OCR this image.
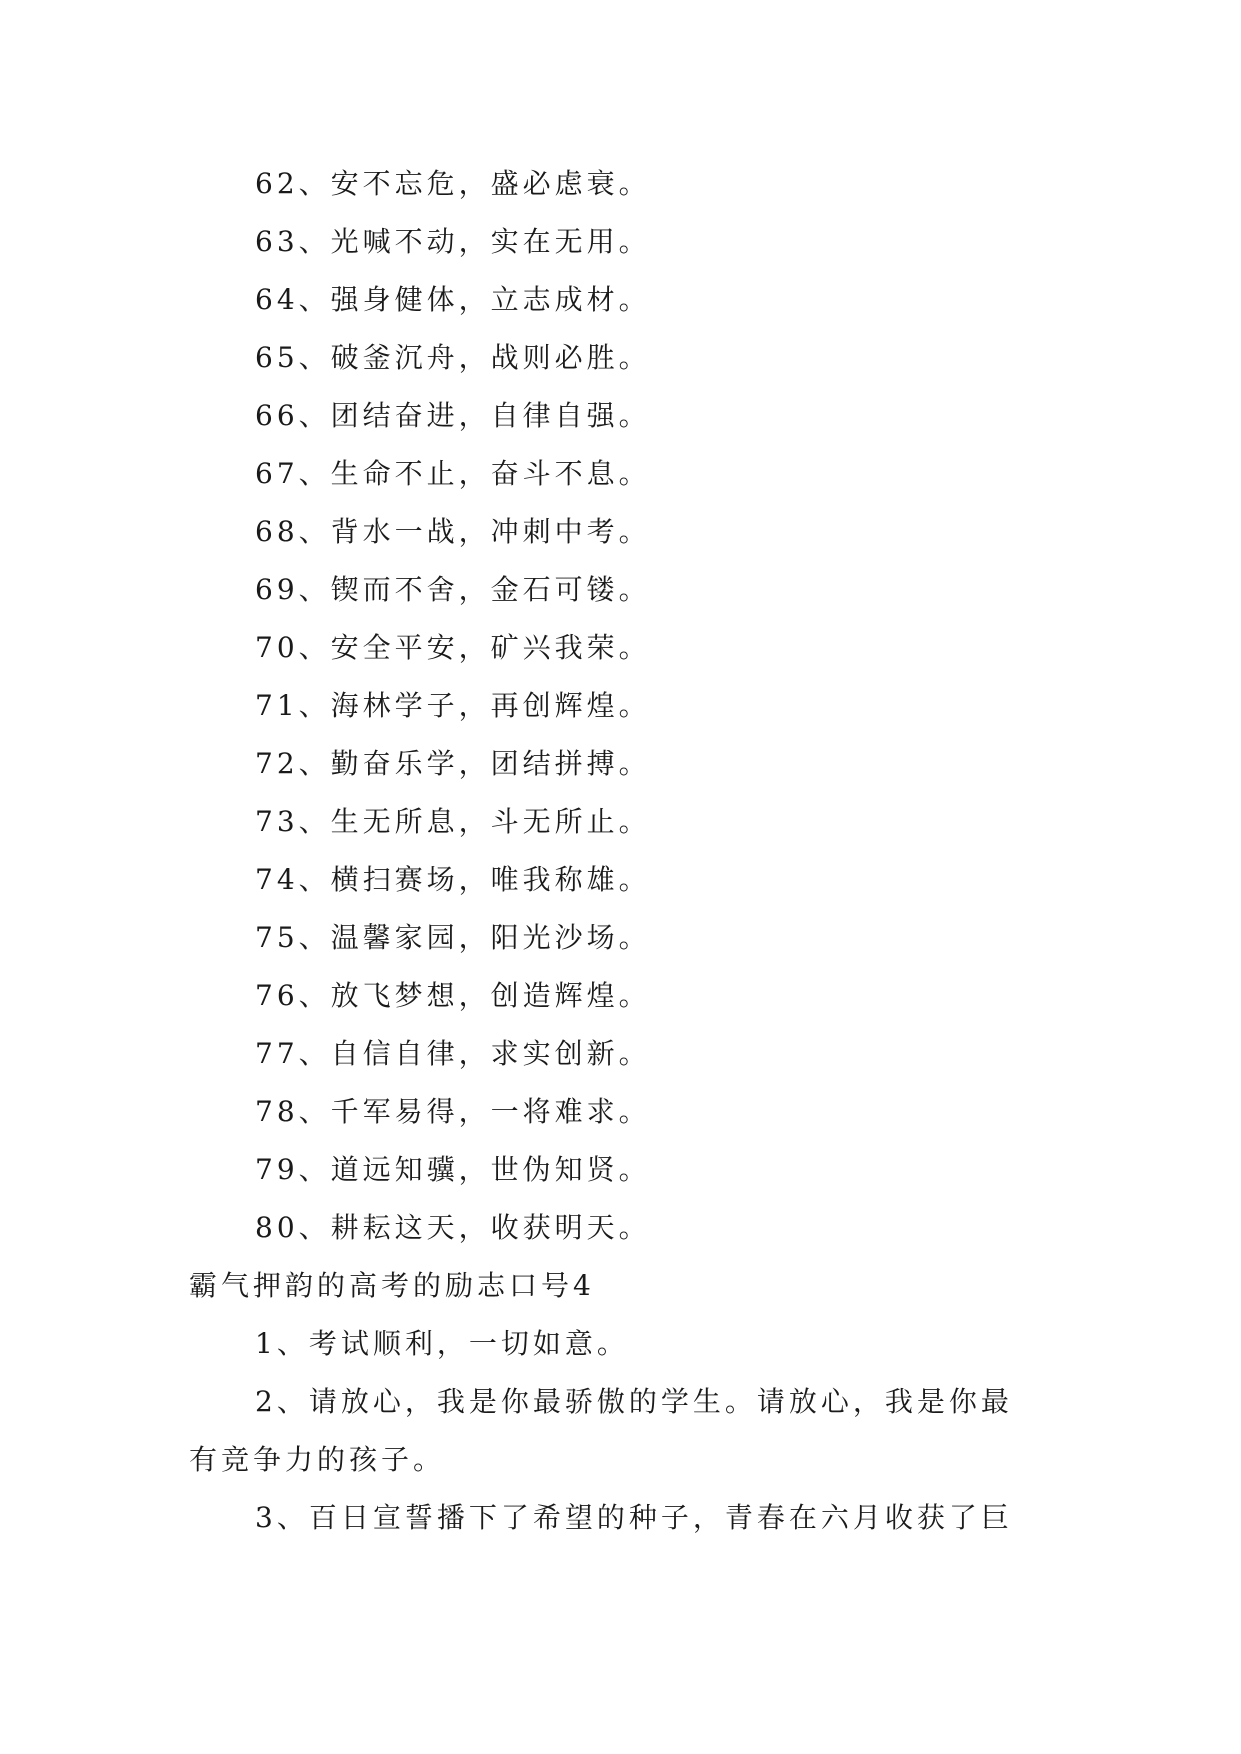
62、安不忘危，盛必虑衰。
63、光喊不动，实在无用。
64、强身健体，立志成材。
65、破釜沉舟，战则必胜。
66、团结奋进，自律自强。
67、生命不止，奋斗不息。
68、背水一战，冲刺中考。
69、锲而不舍，金石可镂。
70、安全平安，矿兴我荣。
71、海林学子，再创辉煌。
72、勤奋乐学，团结拼搏。
73、生无所息，斗无所止。
74、横扫赛场，唯我称雄。
75、温馨家园，阳光沙场。
76、放飞梦想，创造辉煌。
77、自信自律，求实创新。
78、千军易得，一将难求。
79、道远知骥，世伪知贤。
80、耕耘这天，收获明天。
霸气押韵的高考的励志口号4
1、考试顺利，一切如意。
2、请放心，我是你最骄傲的学生。请放心，我是你最
有竞争力的孩子。
3、百日宣誓播下了希望的种子，青春在六月收获了巨
